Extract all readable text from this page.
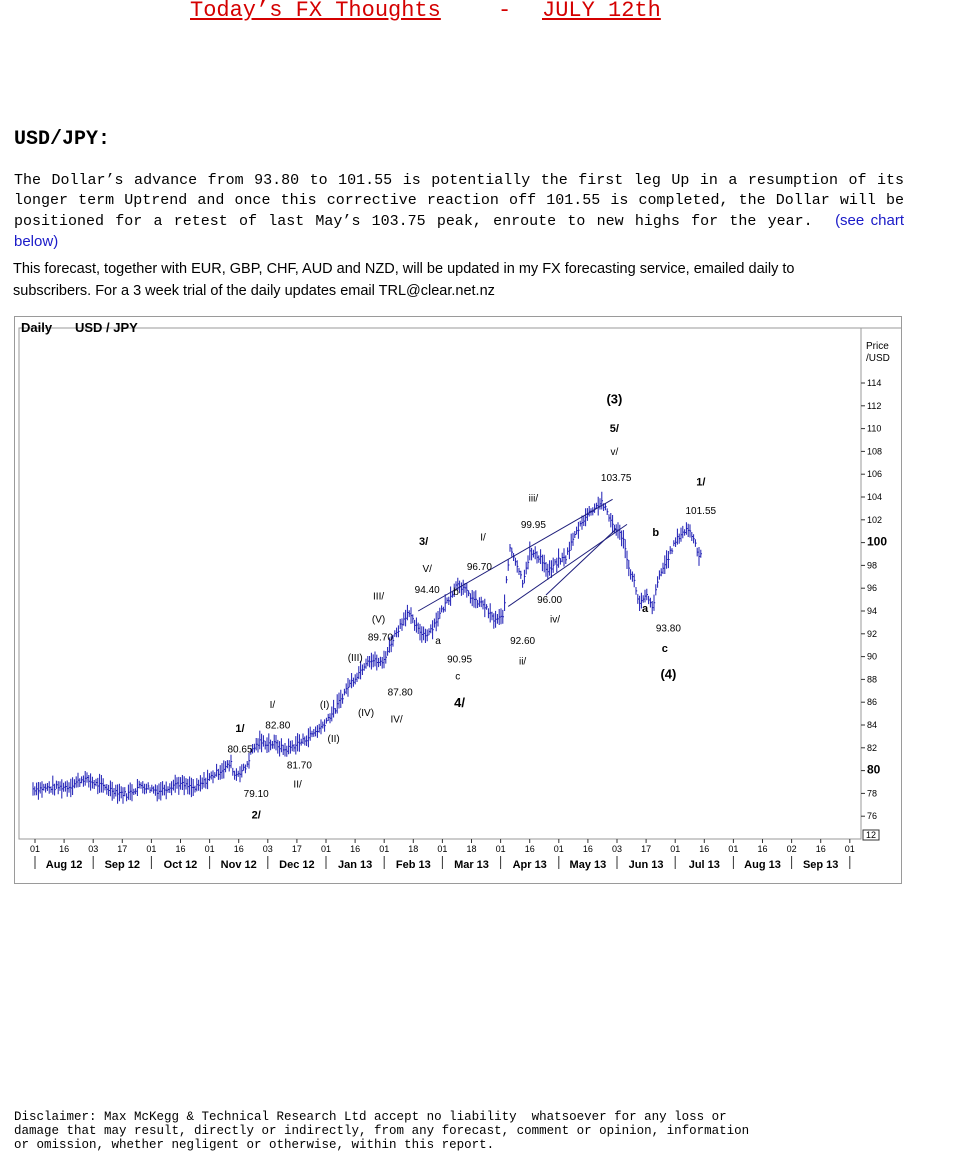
Today’s FX Thoughts	- JULY 12th
USD/JPY:
The Dollar’s advance from 93.80 to 101.55 is potentially the first leg Up in a resumption of its longer term Uptrend and once this corrective reaction off 101.55 is completed, the Dollar will be positioned for a retest of last May’s 103.75 peak, enroute to new highs for the year. (see chart below)
This forecast, together with EUR, GBP, CHF, AUD and NZD, will be updated in my FX forecasting service, emailed daily to
subscribers. For a 3 week trial of the daily updates email TRL@clear.net.nz
Daily USD / JPY
Price
/USD
114
112
110
108
106
104
102
100
98
96
94
92
90
88
86
84
82
80
78
76
12
01 16 03 17 01 16 01 16 03 17 01 16 01 18 01 18 01 16 01 16 03 17 01 16 01 16 02 16 01
Aug 12 Sep 12 Oct 12 Nov 12 Dec 12 Jan 13 Feb 13 Mar 13 Apr 13 May 13 Jun 13 Jul 13 Aug 13 Sep 13
(3)
5/
v/
103.75	1/
101.55
iii/
99.95
b
I/
3/
96.70
V/
94.40 b
III/	96.00
a
(V)	iv/
93.80
89.70	a	92.60
c
(III)	90.95	ii/
c	(4)
4/
87.80
I/	(I)
(IV)
IV/
1/ 82.80
(II)
80.65
81.70
II/
79.10
2/
Disclaimer: Max McKegg & Technical Research Ltd accept no liability  whatsoever for any loss or
damage that may result, directly or indirectly, from any forecast, comment or opinion, information
or omission, whether negligent or otherwise, within this report.
